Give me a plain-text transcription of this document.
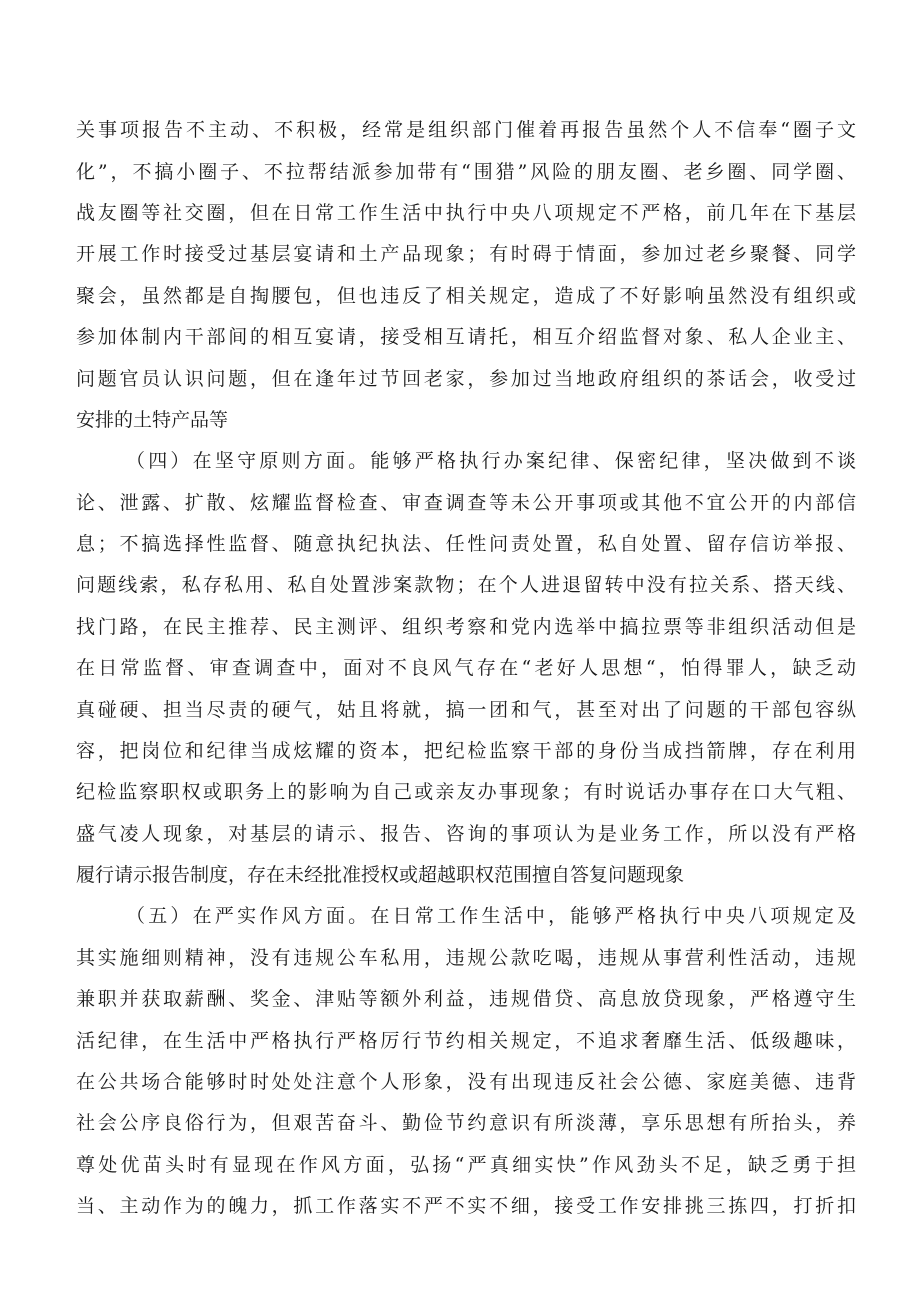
关事项报告不主动、不积极，经常是组织部门催着再报告虽然个人不信奉“圈子文
化”，不搞小圈子、不拉帮结派参加带有“围猎”风险的朋友圈、老乡圈、同学圈、
战友圈等社交圈，但在日常工作生活中执行中央八项规定不严格，前几年在下基层
开展工作时接受过基层宴请和土产品现象；有时碍于情面，参加过老乡聚餐、同学
聚会，虽然都是自掏腰包，但也违反了相关规定，造成了不好影响虽然没有组织或
参加体制内干部间的相互宴请，接受相互请托，相互介绍监督对象、私人企业主、
问题官员认识问题，但在逢年过节回老家，参加过当地政府组织的茶话会，收受过
安排的土特产品等
（四）在坚守原则方面。能够严格执行办案纪律、保密纪律，坚决做到不谈
论、泄露、扩散、炫耀监督检查、审查调查等未公开事项或其他不宜公开的内部信
息；不搞选择性监督、随意执纪执法、任性问责处置，私自处置、留存信访举报、
问题线索，私存私用、私自处置涉案款物；在个人进退留转中没有拉关系、搭天线、
找门路，在民主推荐、民主测评、组织考察和党内选举中搞拉票等非组织活动但是
在日常监督、审查调查中，面对不良风气存在“老好人思想“，怕得罪人，缺乏动
真碰硬、担当尽责的硬气，姑且将就，搞一团和气，甚至对出了问题的干部包容纵
容，把岗位和纪律当成炫耀的资本，把纪检监察干部的身份当成挡箭牌，存在利用
纪检监察职权或职务上的影响为自己或亲友办事现象；有时说话办事存在口大气粗、
盛气凌人现象，对基层的请示、报告、咨询的事项认为是业务工作，所以没有严格
履行请示报告制度，存在未经批准授权或超越职权范围擅自答复问题现象
（五）在严实作风方面。在日常工作生活中，能够严格执行中央八项规定及
其实施细则精神，没有违规公车私用，违规公款吃喝，违规从事营利性活动，违规
兼职并获取薪酬、奖金、津贴等额外利益，违规借贷、高息放贷现象，严格遵守生
活纪律，在生活中严格执行严格厉行节约相关规定，不追求奢靡生活、低级趣味，
在公共场合能够时时处处注意个人形象，没有出现违反社会公德、家庭美德、违背
社会公序良俗行为，但艰苦奋斗、勤俭节约意识有所淡薄，享乐思想有所抬头，养
尊处优苗头时有显现在作风方面，弘扬“严真细实快”作风劲头不足，缺乏勇于担
当、主动作为的魄力，抓工作落实不严不实不细，接受工作安排挑三拣四，打折扣
